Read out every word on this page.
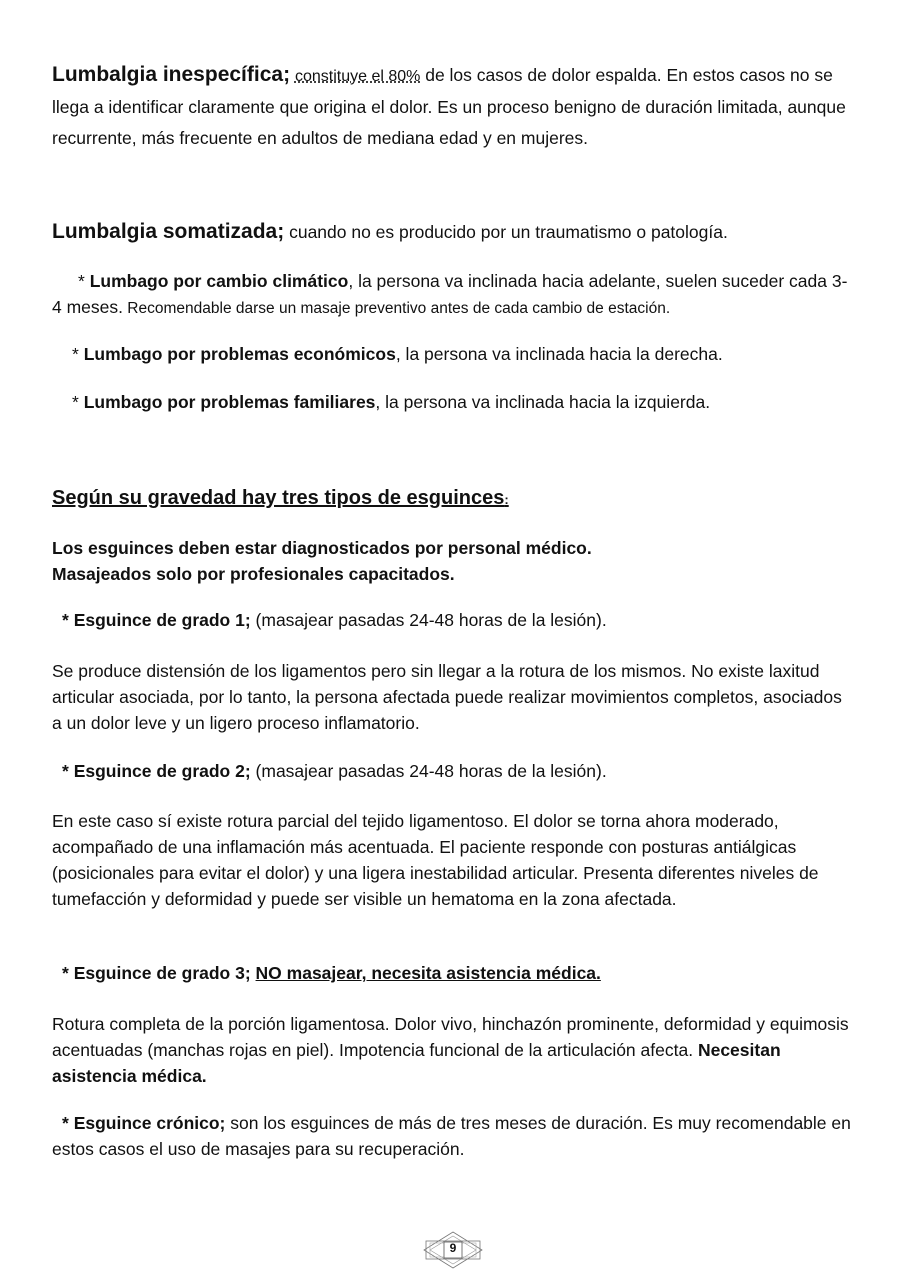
Lumbalgia inespecífica; constituye el 80% de los casos de dolor espalda. En estos casos no se llega a identificar claramente que origina el dolor. Es un proceso benigno de duración limitada, aunque recurrente, más frecuente en adultos de mediana edad y en mujeres.
Lumbalgia somatizada; cuando no es producido por un traumatismo o patología.
* Lumbago por cambio climático, la persona va inclinada hacia adelante, suelen suceder cada 3-4 meses. Recomendable darse un masaje preventivo antes de cada cambio de estación.
* Lumbago por problemas económicos, la persona va inclinada hacia la derecha.
* Lumbago por problemas familiares, la persona va inclinada hacia la izquierda.
Según su gravedad hay tres tipos de esguinces:
Los esguinces deben estar diagnosticados por personal médico.
Masajeados solo por profesionales capacitados.
* Esguince de grado 1; (masajear pasadas 24-48 horas de la lesión).
Se produce distensión de los ligamentos pero sin llegar a la rotura de los mismos. No existe laxitud articular asociada, por lo tanto, la persona afectada puede realizar movimientos completos, asociados a un dolor leve y un ligero proceso inflamatorio.
* Esguince de grado 2; (masajear pasadas 24-48 horas de la lesión).
En este caso sí existe rotura parcial del tejido ligamentoso. El dolor se torna ahora moderado, acompañado de una inflamación más acentuada. El paciente responde con posturas antiálgicas (posicionales para evitar el dolor) y una ligera inestabilidad articular. Presenta diferentes niveles de tumefacción y deformidad y puede ser visible un hematoma en la zona afectada.
* Esguince de grado 3; NO masajear, necesita asistencia médica.
Rotura completa de la porción ligamentosa. Dolor vivo, hinchazón prominente, deformidad y equimosis acentuadas (manchas rojas en piel). Impotencia funcional de la articulación afecta. Necesitan asistencia médica.
* Esguince crónico; son los esguinces de más de tres meses de duración. Es muy recomendable en estos casos el uso de masajes para su recuperación.
9
